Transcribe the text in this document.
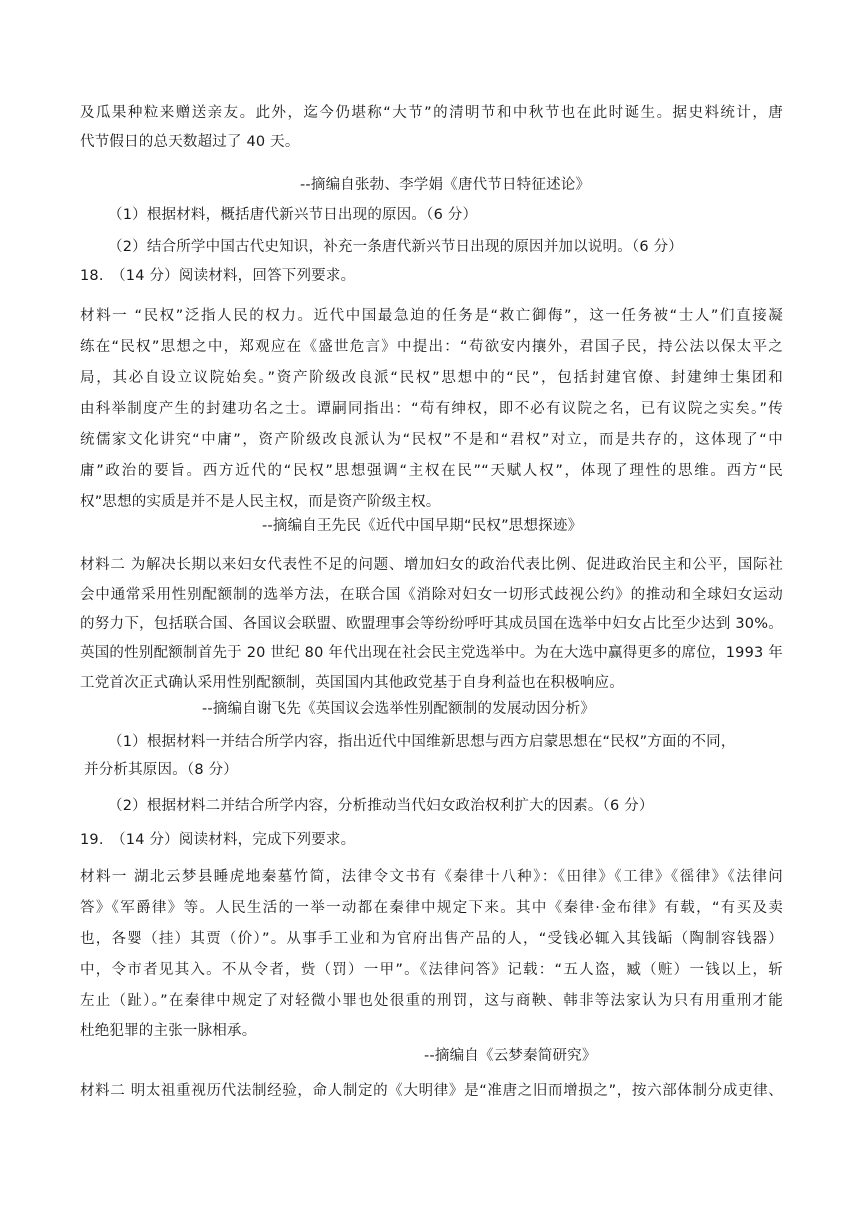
及瓜果种粒来赠送亲友。此外，迄今仍堪称“大节”的清明节和中秋节也在此时诞生。据史料统计，唐
代节假日的总天数超过了 40 天。
--摘编自张勃、李学娟《唐代节日特征述论》
（1）根据材料，概括唐代新兴节日出现的原因。（6 分）
（2）结合所学中国古代史知识，补充一条唐代新兴节日出现的原因并加以说明。（6 分）
18.　（14 分）阅读材料，回答下列要求。
材料一 “民权”泛指人民的权力。近代中国最急迫的任务是“救亡御侮”，这一任务被“士人”们直接凝
练在“民权”思想之中，郑观应在《盛世危言》中提出：“苟欲安内攘外，君国子民，持公法以保太平之
局，其必自设立议院始矣。”资产阶级改良派“民权”思想中的“民”，包括封建官僚、封建绅士集团和
由科举制度产生的封建功名之士。谭嗣同指出：“苟有绅权，即不必有议院之名，已有议院之实矣。”传
统儒家文化讲究“中庸”，资产阶级改良派认为“民权”不是和“君权”对立，而是共存的，这体现了“中
庸”政治的要旨。西方近代的“民权”思想强调“主权在民”“天赋人权”，体现了理性的思维。西方“民
权”思想的实质是并不是人民主权，而是资产阶级主权。
--摘编自王先民《近代中国早期“民权”思想探迹》
材料二 为解决长期以来妇女代表性不足的问题、增加妇女的政治代表比例、促进政治民主和公平，国际社
会中通常采用性别配额制的选举方法，在联合国《消除对妇女一切形式歧视公约》的推动和全球妇女运动
的努力下，包括联合国、各国议会联盟、欧盟理事会等纷纷呼吁其成员国在选举中妇女占比至少达到 30%。
英国的性别配额制首先于 20 世纪 80 年代出现在社会民主党选举中。为在大选中赢得更多的席位，1993 年
工党首次正式确认采用性别配额制，英国国内其他政党基于自身利益也在积极响应。
--摘编自谢飞先《英国议会选举性别配额制的发展动因分析》
（1）根据材料一并结合所学内容，指出近代中国维新思想与西方启蒙思想在“民权”方面的不同，
并分析其原因。（8 分）
（2）根据材料二并结合所学内容，分析推动当代妇女政治权利扩大的因素。（6 分）
19.　（14 分）阅读材料，完成下列要求。
材料一 湖北云梦县睡虎地秦墓竹简，法律令文书有《秦律十八种》：《田律》《工律》《徭律》《法律问
答》《军爵律》等。人民生活的一举一动都在秦律中规定下来。其中《秦律·金布律》有载，“有买及卖
也，各婴（挂）其贾（价）”。从事手工业和为官府出售产品的人，“受钱必辄入其钱缿（陶制容钱器）
中，令市者见其入。不从令者，赀（罚）一甲”。《法律问答》记载：“五人盗，臧（赃）一钱以上，斩
左止（趾）。”在秦律中规定了对轻微小罪也处很重的刑罚，这与商鞅、韩非等法家认为只有用重刑才能
杜绝犯罪的主张一脉相承。
--摘编自《云梦秦简研究》
材料二 明太祖重视历代法制经验，命人制定的《大明律》是“准唐之旧而增损之”，按六部体制分成吏律、
